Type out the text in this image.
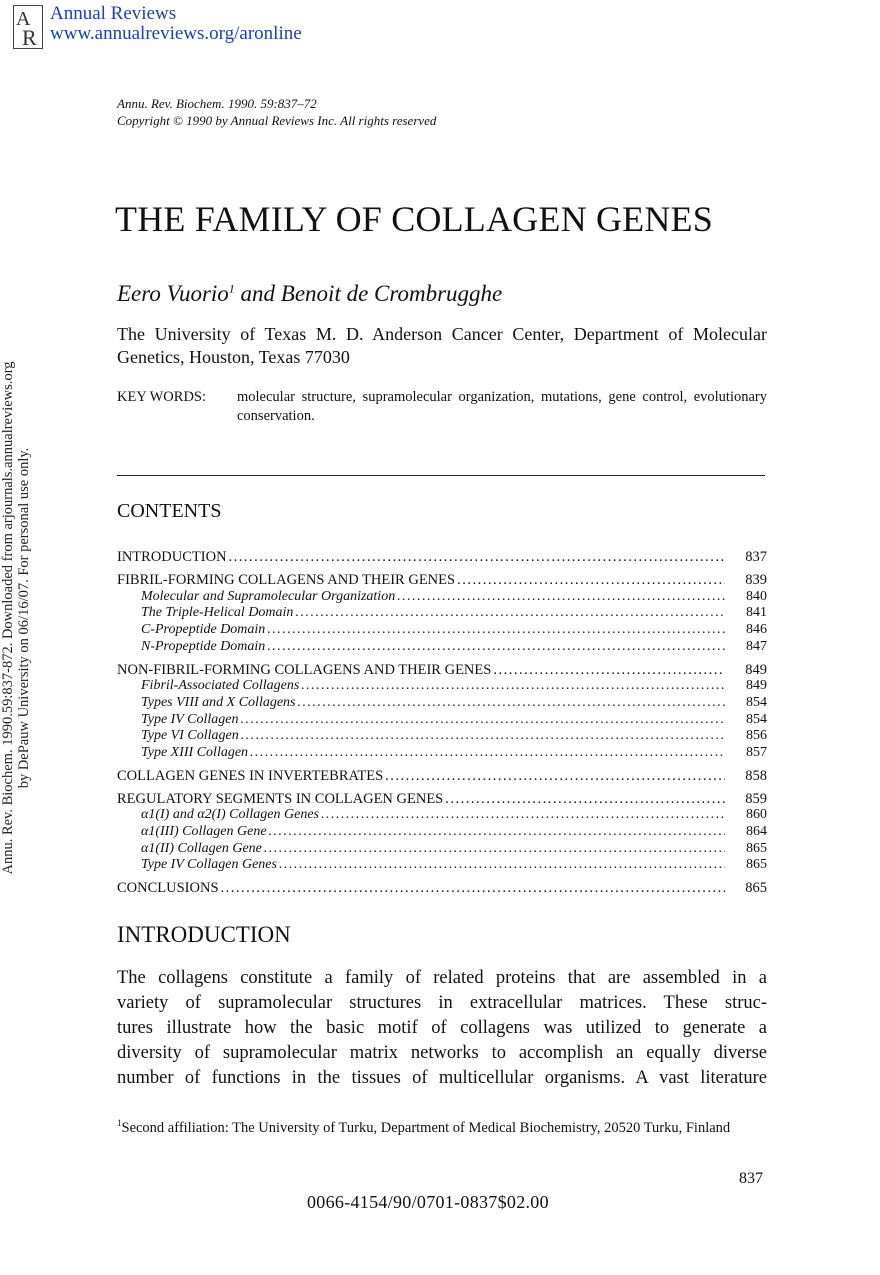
A
R
Annual Reviews
www.annualreviews.org/aronline
Annu. Rev. Biochem. 1990.59:837-872. Downloaded from arjournals.annualreviews.org by DePauw University on 06/16/07. For personal use only.
Annu. Rev. Biochem. 1990. 59:837–72
Copyright © 1990 by Annual Reviews Inc. All rights reserved
THE FAMILY OF COLLAGEN GENES
Eero Vuorio$^1$ and Benoit de Crombrugghe
The University of Texas M. D. Anderson Cancer Center, Department of Molecular Genetics, Houston, Texas 77030
KEY WORDS: molecular structure, supramolecular organization, mutations, gene control, evolutionary conservation.
CONTENTS
INTRODUCTION .....	837
FIBRIL-FORMING COLLAGENS AND THEIR GENES .....	839
Molecular and Supramolecular Organization .....	840
The Triple-Helical Domain .....	841
C-Propeptide Domain .....	846
N-Propeptide Domain .....	847
NON-FIBRIL-FORMING COLLAGENS AND THEIR GENES .....	849
Fibril-Associated Collagens .....	849
Types VIII and X Collagens .....	854
Type IV Collagen .....	854
Type VI Collagen .....	856
Type XIII Collagen .....	857
COLLAGEN GENES IN INVERTEBRATES .....	858
REGULATORY SEGMENTS IN COLLAGEN GENES .....	859
α1(I) and α2(I) Collagen Genes .....	860
α1(III) Collagen Gene .....	864
α1(II) Collagen Gene .....	865
Type IV Collagen Genes .....	865
CONCLUSIONS .....	865
INTRODUCTION

The collagens constitute a family of related proteins that are assembled in a
variety of supramolecular structures in extracellular matrices. These struc-
tures illustrate how the basic motif of collagens was utilized to generate a
diversity of supramolecular matrix networks to accomplish an equally diverse
number of functions in the tissues of multicellular organisms. A vast literature

$^1$Second affiliation: The University of Turku, Department of Medical Biochemistry, 20520 Turku, Finland
837
0066-4154/90/0701-0837$02.00
